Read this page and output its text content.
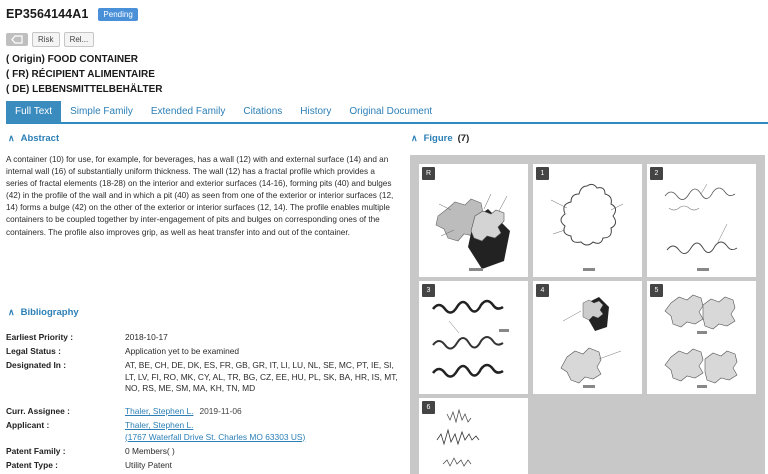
EP3564144A1	Pending
Risk	Rel...
( Origin) FOOD CONTAINER
( FR) RÉCIPIENT ALIMENTAIRE
( DE) LEBENSMITTELBEHÄLTER
Full Text	Simple Family	Extended Family	Citations	History	Original Document
∧ Abstract
A container (10) for use, for example, for beverages, has a wall (12) with and external surface (14) and an internal wall (16) of substantially uniform thickness. The wall (12) has a fractal profile which provides a series of fractal elements (18-28) on the interior and exterior surfaces (14-16), forming pits (40) and bulges (42) in the profile of the wall and in which a pit (40) as seen from one of the exterior or interior surfaces (12, 14) forms a bulge (42) on the other of the exterior or interior surfaces (12, 14). The profile enables multiple containers to be coupled together by inter-engagement of pits and bulges on corresponding ones of the containers. The profile also improves grip, as well as heat transfer into and out of the container.
∧ Figure (7)
R	1	2
3	4	5
6
∧ Bibliography
Earliest Priority :	2018-10-17
Legal Status :	Application yet to be examined
Designated In :	AT, BE, CH, DE, DK, ES, FR, GB, GR, IT, LI, LU, NL, SE, MC, PT, IE, SI, LT, LV, FI, RO, MK, CY, AL, TR, BG, CZ, EE, HU, PL, SK, BA, HR, IS, MT, NO, RS, ME, SM, MA, KH, TN, MD
Curr. Assignee :	Thaler, Stephen L. 2019-11-06
Applicant :	Thaler, Stephen L.
(1767 Waterfall Drive St. Charles MO 63303 US)
Patent Family :	0 Members( )
Patent Type :	Utility Patent
